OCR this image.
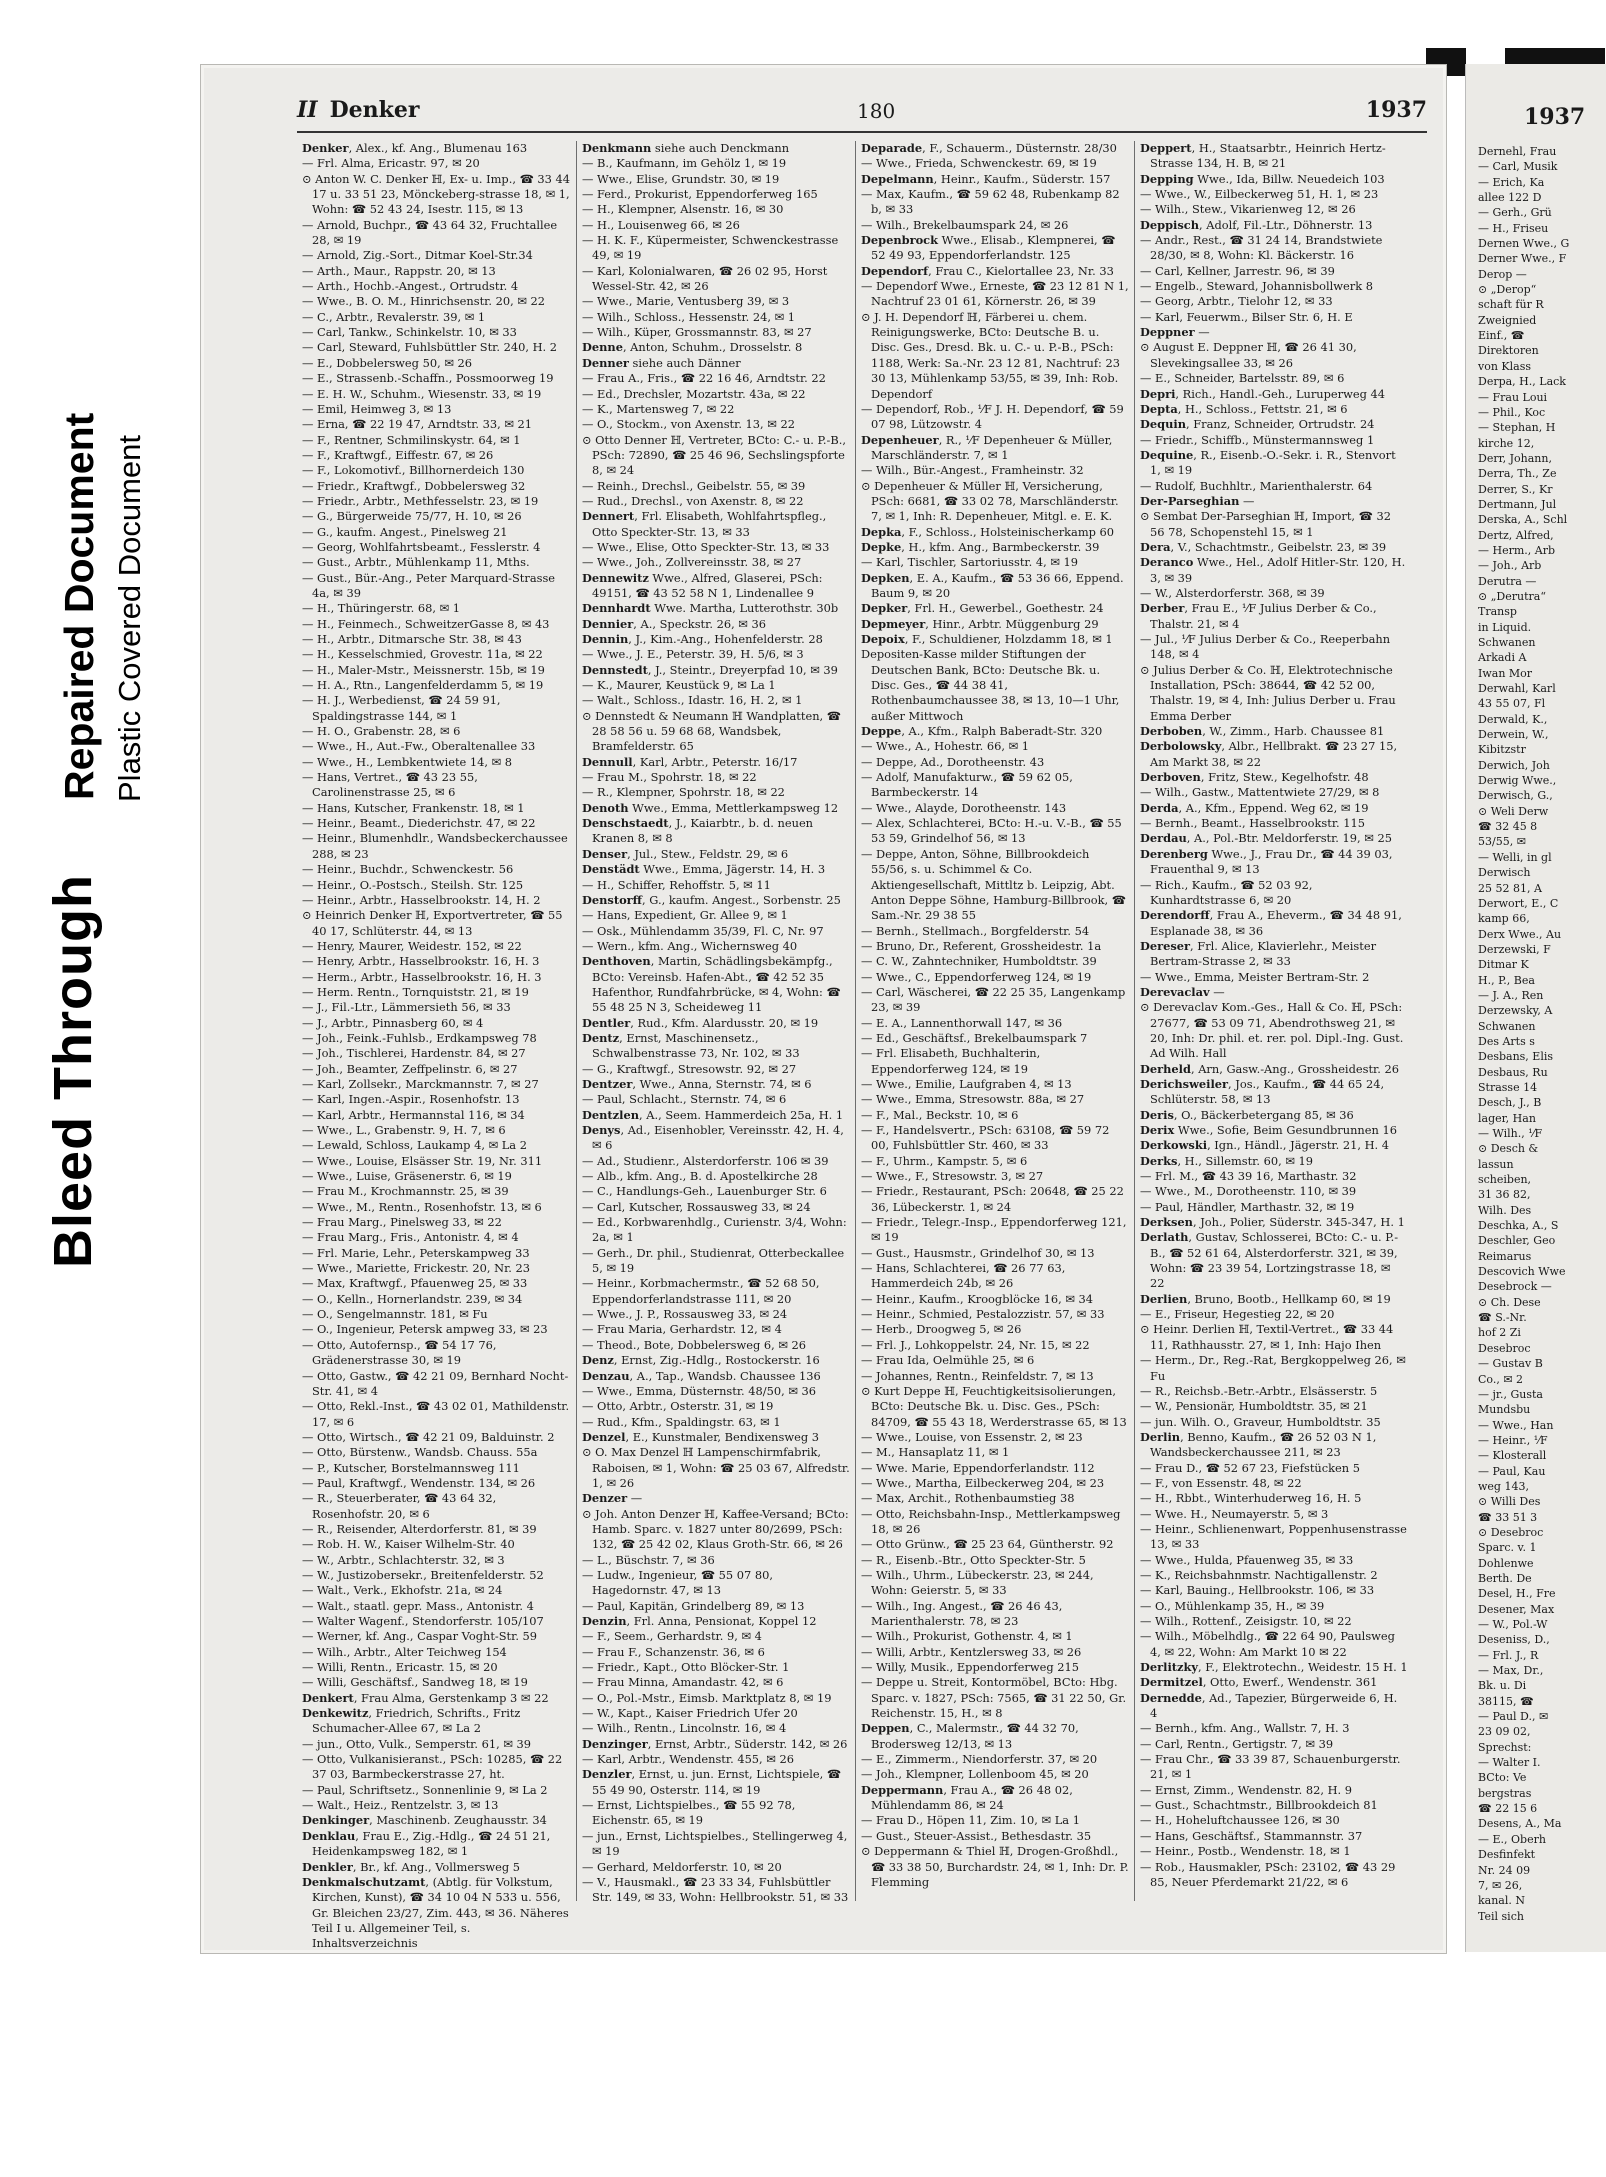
Bleed Through
Repaired Document Plastic Covered Document
II Denker	180	1937

Denker, Alex., kf. Ang., Blumenau 163

— Frl. Alma, Ericastr. 97, ✉ 20

⊙ Anton W. C. Denker ℍ, Ex- u. Imp., ☎ 33 44 17 u. 33 51 23, Mönckeberg-strasse 18, ✉ 1, Wohn: ☎ 52 43 24, Isestr. 115, ✉ 13

— Arnold, Buchpr., ☎ 43 64 32, Fruchtallee 28, ✉ 19

— Arnold, Zig.-Sort., Ditmar Koel-Str.34

— Arth., Maur., Rappstr. 20, ✉ 13

— Arth., Hochb.-Angest., Ortrudstr. 4

— Wwe., B. O. M., Hinrichsenstr. 20, ✉ 22

— C., Arbtr., Revalerstr. 39, ✉ 1

— Carl, Tankw., Schinkelstr. 10, ✉ 33

— Carl, Steward, Fuhlsbüttler Str. 240, H. 2

— E., Dobbelersweg 50, ✉ 26

— E., Strassenb.-Schaffn., Possmoorweg 19

— E. H. W., Schuhm., Wiesenstr. 33, ✉ 19

— Emil, Heimweg 3, ✉ 13

— Erna, ☎ 22 19 47, Arndtstr. 33, ✉ 21

— F., Rentner, Schmilinskystr. 64, ✉ 1

— F., Kraftwgf., Eiffestr. 67, ✉ 26

— F., Lokomotivf., Billhornerdeich 130

— Friedr., Kraftwgf., Dobbelersweg 32

— Friedr., Arbtr., Methfesselstr. 23, ✉ 19

— G., Bürgerweide 75/77, H. 10, ✉ 26

— G., kaufm. Angest., Pinelsweg 21

— Georg, Wohlfahrtsbeamt., Fesslerstr. 4

— Gust., Arbtr., Mühlenkamp 11, Mths.

— Gust., Bür.-Ang., Peter Marquard-Strasse 4a, ✉ 39

— H., Thüringerstr. 68, ✉ 1

— H., Feinmech., SchweitzerGasse 8, ✉ 43

— H., Arbtr., Ditmarsche Str. 38, ✉ 43

— H., Kesselschmied, Grovestr. 11a, ✉ 22

— H., Maler-Mstr., Meissnerstr. 15b, ✉ 19

— H. A., Rtn., Langenfelderdamm 5, ✉ 19

— H. J., Werbedienst, ☎ 24 59 91, Spaldingstrasse 144, ✉ 1

— H. O., Grabenstr. 28, ✉ 6

— Wwe., H., Aut.-Fw., Oberaltenallee 33

— Wwe., H., Lembkentwiete 14, ✉ 8

— Hans, Vertret., ☎ 43 23 55, Carolinenstrasse 25, ✉ 6

— Hans, Kutscher, Frankenstr. 18, ✉ 1

— Heinr., Beamt., Diederichstr. 47, ✉ 22

— Heinr., Blumenhdlr., Wandsbeckerchaussee 288, ✉ 23

— Heinr., Buchdr., Schwenckestr. 56

— Heinr., O.-Postsch., Steilsh. Str. 125

— Heinr., Arbtr., Hasselbrookstr. 14, H. 2

⊙ Heinrich Denker ℍ, Exportvertreter, ☎ 55 40 17, Schlüterstr. 44, ✉ 13

— Henry, Maurer, Weidestr. 152, ✉ 22

— Henry, Arbtr., Hasselbrookstr. 16, H. 3

— Herm., Arbtr., Hasselbrookstr. 16, H. 3

— Herm. Rentn., Tornquiststr. 21, ✉ 19

— J., Fil.-Ltr., Lämmersieth 56, ✉ 33

— J., Arbtr., Pinnasberg 60, ✉ 4

— Joh., Feink.-Fuhlsb., Erdkampsweg 78

— Joh., Tischlerei, Hardenstr. 84, ✉ 27

— Joh., Beamter, Zeffpelinstr. 6, ✉ 27

— Karl, Zollsekr., Marckmannstr. 7, ✉ 27

— Karl, Ingen.-Aspir., Rosenhofstr. 13

— Karl, Arbtr., Hermannstal 116, ✉ 34

— Wwe., L., Grabenstr. 9, H. 7, ✉ 6

— Lewald, Schloss, Laukamp 4, ✉ La 2

— Wwe., Louise, Elsässer Str. 19, Nr. 311

— Wwe., Luise, Gräsenerstr. 6, ✉ 19

— Frau M., Krochmannstr. 25, ✉ 39

— Wwe., M., Rentn., Rosenhofstr. 13, ✉ 6

— Frau Marg., Pinelsweg 33, ✉ 22

— Frau Marg., Fris., Antonistr. 4, ✉ 4

— Frl. Marie, Lehr., Peterskampweg 33

— Wwe., Mariette, Frickestr. 20, Nr. 23

— Max, Kraftwgf., Pfauenweg 25, ✉ 33

— O., Kelln., Hornerlandstr. 239, ✉ 34

— O., Sengelmannstr. 181, ✉ Fu

— O., Ingenieur, Petersk ampweg 33, ✉ 23

— Otto, Autofernsp., ☎ 54 17 76, Grädenerstrasse 30, ✉ 19

— Otto, Gastw., ☎ 42 21 09, Bernhard Nocht-Str. 41, ✉ 4

— Otto, Rekl.-Inst., ☎ 43 02 01, Mathildenstr. 17, ✉ 6

— Otto, Wirtsch., ☎ 42 21 09, Balduinstr. 2

— Otto, Bürstenw., Wandsb. Chauss. 55a

— P., Kutscher, Borstelmannsweg 111

— Paul, Kraftwgf., Wendenstr. 134, ✉ 26

— R., Steuerberater, ☎ 43 64 32, Rosenhofstr. 20, ✉ 6

— R., Reisender, Alterdorferstr. 81, ✉ 39

— Rob. H. W., Kaiser Wilhelm-Str. 40

— W., Arbtr., Schlachterstr. 32, ✉ 3

— W., Justizobersekr., Breitenfelderstr. 52

— Walt., Verk., Ekhofstr. 21a, ✉ 24

— Walt., staatl. gepr. Mass., Antonistr. 4

— Walter Wagenf., Stendorferstr. 105/107

— Werner, kf. Ang., Caspar Voght-Str. 59

— Wilh., Arbtr., Alter Teichweg 154

— Willi, Rentn., Ericastr. 15, ✉ 20

— Willi, Geschäftsf., Sandweg 18, ✉ 19

Denkert, Frau Alma, Gerstenkamp 3 ✉ 22

Denkewitz, Friedrich, Schrifts., Fritz Schumacher-Allee 67, ✉ La 2

— jun., Otto, Vulk., Semperstr. 61, ✉ 39

— Otto, Vulkanisieranst., PSch: 10285, ☎ 22 37 03, Barmbeckerstrasse 27, ht.

— Paul, Schriftsetz., Sonnenlinie 9, ✉ La 2

— Walt., Heiz., Rentzelstr. 3, ✉ 13

Denkinger, Maschinenb. Zeughausstr. 34

Denklau, Frau E., Zig.-Hdlg., ☎ 24 51 21, Heidenkampsweg 182, ✉ 1

Denkler, Br., kf. Ang., Vollmersweg 5

Denkmalschutzamt, (Abtlg. für Volkstum, Kirchen, Kunst), ☎ 34 10 04 N 533 u. 556, Gr. Bleichen 23/27, Zim. 443, ✉ 36. Näheres Teil I u. Allgemeiner Teil, s. Inhaltsverzeichnis

Denkmann siehe auch Denckmann

— B., Kaufmann, im Gehölz 1, ✉ 19

— Wwe., Elise, Grundstr. 30, ✉ 19

— Ferd., Prokurist, Eppendorferweg 165

— H., Klempner, Alsenstr. 16, ✉ 30

— H., Louisenweg 66, ✉ 26

— H. K. F., Küpermeister, Schwenckestrasse 49, ✉ 19

— Karl, Kolonialwaren, ☎ 26 02 95, Horst Wessel-Str. 42, ✉ 26

— Wwe., Marie, Ventusberg 39, ✉ 3

— Wilh., Schloss., Hessenstr. 24, ✉ 1

— Wilh., Küper, Grossmannstr. 83, ✉ 27

Denne, Anton, Schuhm., Drosselstr. 8

Denner siehe auch Dänner

— Frau A., Fris., ☎ 22 16 46, Arndtstr. 22

— Ed., Drechsler, Mozartstr. 43a, ✉ 22

— K., Martensweg 7, ✉ 22

— O., Stockm., von Axenstr. 13, ✉ 22

⊙ Otto Denner ℍ, Vertreter, BCto: C.- u. P.-B., PSch: 72890, ☎ 25 46 96, Sechslingspforte 8, ✉ 24

— Reinh., Drechsl., Geibelstr. 55, ✉ 39

— Rud., Drechsl., von Axenstr. 8, ✉ 22

Dennert, Frl. Elisabeth, Wohlfahrtspfleg., Otto Speckter-Str. 13, ✉ 33

— Wwe., Elise, Otto Speckter-Str. 13, ✉ 33

— Wwe., Joh., Zollvereinsstr. 38, ✉ 27

Dennewitz Wwe., Alfred, Glaserei, PSch: 49151, ☎ 43 52 58 N 1, Lindenallee 9

Dennhardt Wwe. Martha, Lutterothstr. 30b

Dennier, A., Speckstr. 26, ✉ 36

Dennin, J., Kim.-Ang., Hohenfelderstr. 28

— Wwe., J. E., Peterstr. 39, H. 5/6, ✉ 3

Dennstedt, J., Steintr., Dreyerpfad 10, ✉ 39

— K., Maurer, Keustück 9, ✉ La 1

— Walt., Schloss., Idastr. 16, H. 2, ✉ 1

⊙ Dennstedt & Neumann ℍ Wandplatten, ☎ 28 58 56 u. 59 68 68, Wandsbek, Bramfelderstr. 65

Dennull, Karl, Arbtr., Peterstr. 16/17

— Frau M., Spohrstr. 18, ✉ 22

— R., Klempner, Spohrstr. 18, ✉ 22

Denoth Wwe., Emma, Mettlerkampsweg 12

Denschstaedt, J., Kaiarbtr., b. d. neuen Kranen 8, ✉ 8

Denser, Jul., Stew., Feldstr. 29, ✉ 6

Denstädt Wwe., Emma, Jägerstr. 14, H. 3

— H., Schiffer, Rehoffstr. 5, ✉ 11

Denstorff, G., kaufm. Angest., Sorbenstr. 25

— Hans, Expedient, Gr. Allee 9, ✉ 1

— Osk., Mühlendamm 35/39, Fl. C, Nr. 97

— Wern., kfm. Ang., Wichernsweg 40

Denthoven, Martin, Schädlingsbekämpfg., BCto: Vereinsb. Hafen-Abt., ☎ 42 52 35 Hafenthor, Rundfahrbrücke, ✉ 4, Wohn: ☎ 55 48 25 N 3, Scheideweg 11

Dentler, Rud., Kfm. Alardusstr. 20, ✉ 19

Dentz, Ernst, Maschinensetz., Schwalbenstrasse 73, Nr. 102, ✉ 33

— G., Kraftwgf., Stresowstr. 92, ✉ 27

Dentzer, Wwe., Anna, Sternstr. 74, ✉ 6

— Paul, Schlacht., Sternstr. 74, ✉ 6

Dentzlen, A., Seem. Hammerdeich 25a, H. 1

Denys, Ad., Eisenhobler, Vereinsstr. 42, H. 4, ✉ 6

— Ad., Studienr., Alsterdorferstr. 106 ✉ 39

— Alb., kfm. Ang., B. d. Apostelkirche 28

— C., Handlungs-Geh., Lauenburger Str. 6

— Carl, Kutscher, Rossausweg 33, ✉ 24

— Ed., Korbwarenhdlg., Curienstr. 3/4, Wohn: 2a, ✉ 1

— Gerh., Dr. phil., Studienrat, Otterbeckallee 5, ✉ 19

— Heinr., Korbmachermstr., ☎ 52 68 50, Eppendorferlandstrasse 111, ✉ 20

— Wwe., J. P., Rossausweg 33, ✉ 24

— Frau Maria, Gerhardstr. 12, ✉ 4

— Theod., Bote, Dobbelersweg 6, ✉ 26

Denz, Ernst, Zig.-Hdlg., Rostockerstr. 16

Denzau, A., Tap., Wandsb. Chaussee 136

— Wwe., Emma, Düsternstr. 48/50, ✉ 36

— Otto, Arbtr., Osterstr. 31, ✉ 19

— Rud., Kfm., Spaldingstr. 63, ✉ 1

Denzel, E., Kunstmaler, Bendixensweg 3

⊙ O. Max Denzel ℍ Lampenschirmfabrik, Raboisen, ✉ 1, Wohn: ☎ 25 03 67, Alfredstr. 1, ✉ 26

Denzer —

⊙ Joh. Anton Denzer ℍ, Kaffee-Versand; BCto: Hamb. Sparc. v. 1827 unter 80/2699, PSch: 132, ☎ 25 42 02, Klaus Groth-Str. 66, ✉ 26

— L., Büschstr. 7, ✉ 36

— Ludw., Ingenieur, ☎ 55 07 80, Hagedornstr. 47, ✉ 13

— Paul, Kapitän, Grindelberg 89, ✉ 13

Denzin, Frl. Anna, Pensionat, Koppel 12

— F., Seem., Gerhardstr. 9, ✉ 4

— Frau F., Schanzenstr. 36, ✉ 6

— Friedr., Kapt., Otto Blöcker-Str. 1

— Frau Minna, Amandastr. 42, ✉ 6

— O., Pol.-Mstr., Eimsb. Marktplatz 8, ✉ 19

— W., Kapt., Kaiser Friedrich Ufer 20

— Wilh., Rentn., Lincolnstr. 16, ✉ 4

Denzinger, Ernst, Arbtr., Süderstr. 142, ✉ 26

— Karl, Arbtr., Wendenstr. 455, ✉ 26

Denzler, Ernst, u. jun. Ernst, Lichtspiele, ☎ 55 49 90, Osterstr. 114, ✉ 19

— Ernst, Lichtspielbes., ☎ 55 92 78, Eichenstr. 65, ✉ 19

— jun., Ernst, Lichtspielbes., Stellingerweg 4, ✉ 19

— Gerhard, Meldorferstr. 10, ✉ 20

— V., Hausmakl., ☎ 23 33 34, Fuhlsbüttler Str. 149, ✉ 33, Wohn: Hellbrookstr. 51, ✉ 33

Deparade, F., Schauerm., Düsternstr. 28/30

— Wwe., Frieda, Schwenckestr. 69, ✉ 19

Depelmann, Heinr., Kaufm., Süderstr. 157

— Max, Kaufm., ☎ 59 62 48, Rubenkamp 82 b, ✉ 33

— Wilh., Brekelbaumspark 24, ✉ 26

Depenbrock Wwe., Elisab., Klempnerei, ☎ 52 49 93, Eppendorferlandstr. 125

Dependorf, Frau C., Kielortallee 23, Nr. 33

— Dependorf Wwe., Erneste, ☎ 23 12 81 N 1, Nachtruf 23 01 61, Körnerstr. 26, ✉ 39

⊙ J. H. Dependorf ℍ, Färberei u. chem. Reinigungswerke, BCto: Deutsche B. u. Disc. Ges., Dresd. Bk. u. C.- u. P.-B., PSch: 1188, Werk: Sa.-Nr. 23 12 81, Nachtruf: 23 30 13, Mühlenkamp 53/55, ✉ 39, Inh: Rob. Dependorf

— Dependorf, Rob., ⅟F J. H. Dependorf, ☎ 59 07 98, Lützowstr. 4

Depenheuer, R., ⅟F Depenheuer & Müller, Marschländerstr. 7, ✉ 1

— Wilh., Bür.-Angest., Framheinstr. 32

⊙ Depenheuer & Müller ℍ, Versicherung, PSch: 6681, ☎ 33 02 78, Marschländerstr. 7, ✉ 1, Inh: R. Depenheuer, Mitgl. e. E. K.

Depka, F., Schloss., Holsteinischerkamp 60

Depke, H., kfm. Ang., Barmbeckerstr. 39

— Karl, Tischler, Sartoriusstr. 4, ✉ 19

Depken, E. A., Kaufm., ☎ 53 36 66, Eppend. Baum 9, ✉ 20

Depker, Frl. H., Gewerbel., Goethestr. 24

Depmeyer, Hinr., Arbtr. Müggenburg 29

Depoix, F., Schuldiener, Holzdamm 18, ✉ 1

Depositen-Kasse milder Stiftungen der Deutschen Bank, BCto: Deutsche Bk. u. Disc. Ges., ☎ 44 38 41, Rothenbaumchaussee 38, ✉ 13, 10—1 Uhr, außer Mittwoch

Deppe, A., Kfm., Ralph Baberadt-Str. 320

— Wwe., A., Hohestr. 66, ✉ 1

— Deppe, Ad., Dorotheenstr. 43

— Adolf, Manufakturw., ☎ 59 62 05, Barmbeckerstr. 14

— Wwe., Alayde, Dorotheenstr. 143

— Alex, Schlachterei, BCto: H.-u. V.-B., ☎ 55 53 59, Grindelhof 56, ✉ 13

— Deppe, Anton, Söhne, Billbrookdeich 55/56, s. u. Schimmel & Co. Aktiengesellschaft, Mittltz b. Leipzig, Abt. Anton Deppe Söhne, Hamburg-Billbrook, ☎ Sam.-Nr. 29 38 55

— Bernh., Stellmach., Borgfelderstr. 54

— Bruno, Dr., Referent, Grossheidestr. 1a

— C. W., Zahntechniker, Humboldtstr. 39

— Wwe., C., Eppendorferweg 124, ✉ 19

— Carl, Wäscherei, ☎ 22 25 35, Langenkamp 23, ✉ 39

— E. A., Lannenthorwall 147, ✉ 36

— Ed., Geschäftsf., Brekelbaumspark 7

— Frl. Elisabeth, Buchhalterin, Eppendorferweg 124, ✉ 19

— Wwe., Emilie, Laufgraben 4, ✉ 13

— Wwe., Emma, Stresowstr. 88a, ✉ 27

— F., Mal., Beckstr. 10, ✉ 6

— F., Handelsvertr., PSch: 63108, ☎ 59 72 00, Fuhlsbüttler Str. 460, ✉ 33

— F., Uhrm., Kampstr. 5, ✉ 6

— Wwe., F., Stresowstr. 3, ✉ 27

— Friedr., Restaurant, PSch: 20648, ☎ 25 22 36, Lübeckerstr. 1, ✉ 24

— Friedr., Telegr.-Insp., Eppendorferweg 121, ✉ 19

— Gust., Hausmstr., Grindelhof 30, ✉ 13

— Hans, Schlachterei, ☎ 26 77 63, Hammerdeich 24b, ✉ 26

— Heinr., Kaufm., Kroogblöcke 16, ✉ 34

— Heinr., Schmied, Pestalozzistr. 57, ✉ 33

— Herb., Droogweg 5, ✉ 26

— Frl. J., Lohkoppelstr. 24, Nr. 15, ✉ 22

— Frau Ida, Oelmühle 25, ✉ 6

— Johannes, Rentn., Reinfeldstr. 7, ✉ 13

⊙ Kurt Deppe ℍ, Feuchtigkeitsisolierungen, BCto: Deutsche Bk. u. Disc. Ges., PSch: 84709, ☎ 55 43 18, Werderstrasse 65, ✉ 13

— Wwe., Louise, von Essenstr. 2, ✉ 23

— M., Hansaplatz 11, ✉ 1

— Wwe. Marie, Eppendorferlandstr. 112

— Wwe., Martha, Eilbeckerweg 204, ✉ 23

— Max, Archit., Rothenbaumstieg 38

— Otto, Reichsbahn-Insp., Mettlerkampsweg 18, ✉ 26

— Otto Grünw., ☎ 25 23 64, Güntherstr. 92

— R., Eisenb.-Btr., Otto Speckter-Str. 5

— Wilh., Uhrm., Lübeckerstr. 23, ✉ 244, Wohn: Geierstr. 5, ✉ 33

— Wilh., Ing. Angest., ☎ 26 46 43, Marienthalerstr. 78, ✉ 23

— Wilh., Prokurist, Gothenstr. 4, ✉ 1

— Willi, Arbtr., Kentzlersweg 33, ✉ 26

— Willy, Musik., Eppendorferweg 215

— Deppe u. Streit, Kontormöbel, BCto: Hbg. Sparc. v. 1827, PSch: 7565, ☎ 31 22 50, Gr. Reichenstr. 15, H., ✉ 8

Deppen, C., Malermstr., ☎ 44 32 70, Brodersweg 12/13, ✉ 13

— E., Zimmerm., Niendorferstr. 37, ✉ 20

— Joh., Klempner, Lollenboom 45, ✉ 20

Deppermann, Frau A., ☎ 26 48 02, Mühlendamm 86, ✉ 24

— Frau D., Höpen 11, Zim. 10, ✉ La 1

— Gust., Steuer-Assist., Bethesdastr. 35

⊙ Deppermann & Thiel ℍ, Drogen-Großhdl., ☎ 33 38 50, Burchardstr. 24, ✉ 1, Inh: Dr. P. Flemming

Deppert, H., Staatsarbtr., Heinrich Hertz-Strasse 134, H. B, ✉ 21

Depping Wwe., Ida, Billw. Neuedeich 103

— Wwe., W., Eilbeckerweg 51, H. 1, ✉ 23

— Wilh., Stew., Vikarienweg 12, ✉ 26

Deppisch, Adolf, Fil.-Ltr., Döhnerstr. 13

— Andr., Rest., ☎ 31 24 14, Brandstwiete 28/30, ✉ 8, Wohn: Kl. Bäckerstr. 16

— Carl, Kellner, Jarrestr. 96, ✉ 39

— Engelb., Steward, Johannisbollwerk 8

— Georg, Arbtr., Tielohr 12, ✉ 33

— Karl, Feuerwm., Bilser Str. 6, H. E

Deppner —

⊙ August E. Deppner ℍ, ☎ 26 41 30, Slevekingsallee 33, ✉ 26

— E., Schneider, Bartelsstr. 89, ✉ 6

Depri, Rich., Handl.-Geh., Luruperweg 44

Depta, H., Schloss., Fettstr. 21, ✉ 6

Dequin, Franz, Schneider, Ortrudstr. 24

— Friedr., Schiffb., Münstermannsweg 1

Dequine, R., Eisenb.-O.-Sekr. i. R., Stenvort 1, ✉ 19

— Rudolf, Buchhltr., Marienthalerstr. 64

Der-Parseghian —

⊙ Sembat Der-Parseghian ℍ, Import, ☎ 32 56 78, Schopenstehl 15, ✉ 1

Dera, V., Schachtmstr., Geibelstr. 23, ✉ 39

Deranco Wwe., Hel., Adolf Hitler-Str. 120, H. 3, ✉ 39

— W., Alsterdorferstr. 368, ✉ 39

Derber, Frau E., ⅟F Julius Derber & Co., Thalstr. 21, ✉ 4

— Jul., ⅟F Julius Derber & Co., Reeperbahn 148, ✉ 4

⊙ Julius Derber & Co. ℍ, Elektrotechnische Installation, PSch: 38644, ☎ 42 52 00, Thalstr. 19, ✉ 4, Inh: Julius Derber u. Frau Emma Derber

Derboben, W., Zimm., Harb. Chaussee 81

Derbolowsky, Albr., Hellbrakt. ☎ 23 27 15, Am Markt 38, ✉ 22

Derboven, Fritz, Stew., Kegelhofstr. 48

— Wilh., Gastw., Mattentwiete 27/29, ✉ 8

Derda, A., Kfm., Eppend. Weg 62, ✉ 19

— Bernh., Beamt., Hasselbrookstr. 115

Derdau, A., Pol.-Btr. Meldorferstr. 19, ✉ 25

Derenberg Wwe., J., Frau Dr., ☎ 44 39 03, Frauenthal 9, ✉ 13

— Rich., Kaufm., ☎ 52 03 92, Kunhardtstrasse 6, ✉ 20

Derendorff, Frau A., Eheverm., ☎ 34 48 91, Esplanade 38, ✉ 36

Dereser, Frl. Alice, Klavierlehr., Meister Bertram-Strasse 2, ✉ 33

— Wwe., Emma, Meister Bertram-Str. 2

Derevaclav —

⊙ Derevaclav Kom.-Ges., Hall & Co. ℍ, PSch: 27677, ☎ 53 09 71, Abendrothsweg 21, ✉ 20, Inh: Dr. phil. et. rer. pol. Dipl.-Ing. Gust. Ad Wilh. Hall

Derheld, Arn, Gasw.-Ang., Grossheidestr. 26

Derichsweiler, Jos., Kaufm., ☎ 44 65 24, Schlüterstr. 58, ✉ 13

Deris, O., Bäckerbetergang 85, ✉ 36

Derix Wwe., Sofie, Beim Gesundbrunnen 16

Derkowski, Ign., Händl., Jägerstr. 21, H. 4

Derks, H., Sillemstr. 60, ✉ 19

— Frl. M., ☎ 43 39 16, Marthastr. 32

— Wwe., M., Dorotheenstr. 110, ✉ 39

— Paul, Händler, Marthastr. 32, ✉ 19

Derksen, Joh., Polier, Süderstr. 345-347, H. 1

Derlath, Gustav, Schlosserei, BCto: C.- u. P.-B., ☎ 52 61 64, Alsterdorferstr. 321, ✉ 39, Wohn: ☎ 23 39 54, Lortzingstrasse 18, ✉ 22

Derlien, Bruno, Bootb., Hellkamp 60, ✉ 19

— E., Friseur, Hegestieg 22, ✉ 20

⊙ Heinr. Derlien ℍ, Textil-Vertret., ☎ 33 44 11, Rathhausstr. 27, ✉ 1, Inh: Hajo Ihen

— Herm., Dr., Reg.-Rat, Bergkoppelweg 26, ✉ Fu

— R., Reichsb.-Betr.-Arbtr., Elsässerstr. 5

— W., Pensionär, Humboldtstr. 35, ✉ 21

— jun. Wilh. O., Graveur, Humboldtstr. 35

Derlin, Benno, Kaufm., ☎ 26 52 03 N 1, Wandsbeckerchaussee 211, ✉ 23

— Frau D., ☎ 52 67 23, Fiefstücken 5

— F., von Essenstr. 48, ✉ 22

— H., Rbbt., Winterhuderweg 16, H. 5

— Wwe. H., Neumayerstr. 5, ✉ 3

— Heinr., Schlienenwart, Poppenhusenstrasse 13, ✉ 33

— Wwe., Hulda, Pfauenweg 35, ✉ 33

— K., Reichsbahnmstr. Nachtigallenstr. 2

— Karl, Bauing., Hellbrookstr. 106, ✉ 33

— O., Mühlenkamp 35, H., ✉ 39

— Wilh., Rottenf., Zeisigstr. 10, ✉ 22

— Wilh., Möbelhdlg., ☎ 22 64 90, Paulsweg 4, ✉ 22, Wohn: Am Markt 10 ✉ 22

Derlitzky, F., Elektrotechn., Weidestr. 15 H. 1

Dermitzel, Otto, Ewerf., Wendenstr. 361

Dernedde, Ad., Tapezier, Bürgerweide 6, H. 4

— Bernh., kfm. Ang., Wallstr. 7, H. 3

— Carl, Rentn., Gertigstr. 7, ✉ 39

— Frau Chr., ☎ 33 39 87, Schauenburgerstr. 21, ✉ 1

— Ernst, Zimm., Wendenstr. 82, H. 9

— Gust., Schachtmstr., Billbrookdeich 81

— H., Hoheluftchaussee 126, ✉ 30

— Hans, Geschäftsf., Stammannstr. 37

— Heinr., Postb., Wendenstr. 18, ✉ 1

— Rob., Hausmakler, PSch: 23102, ☎ 43 29 85, Neuer Pferdemarkt 21/22, ✉ 6

1937
Dernehl, Frau
— Carl, Musik
— Erich, Ka
allee 122 D
— Gerh., Grü
— H., Friseu
Dernen Wwe., G
Derner Wwe., F
Derop —
⊙ „Derop“
schaft für R
Zweignied
Einf., ☎
Direktoren
von Klass
Derpa, H., Lack
— Frau Loui
— Phil., Koc
— Stephan, H
kirche 12,
Derr, Johann,
Derra, Th., Ze
Derrer, S., Kr
Dertmann, Jul
Derska, A., Schl
Dertz, Alfred,
— Herm., Arb
— Joh., Arb
Derutra —
⊙ „Derutra“
Transp
in Liquid.
Schwanen
Arkadi A
Iwan Mor
Derwahl, Karl
43 55 07, Fl
Derwald, K.,
Derwein, W.,
Kibitzstr
Derwich, Joh
Derwig Wwe.,
Derwisch, G.,
⊙ Weli Derw
☎ 32 45 8
53/55, ✉
— Welli, in gl
Derwisch
25 52 81, A
Derwort, E., C
kamp 66,
Derx Wwe., Au
Derzewski, F
Ditmar K
H., P., Bea
— J. A., Ren
Derzewsky, A
Schwanen
Des Arts s
Desbans, Elis
Desbaus, Ru
Strasse 14
Desch, J., B
lager, Han
— Wilh., ⅟F
⊙ Desch &
lassun
scheiben,
31 36 82,
Wilh. Des
Deschka, A., S
Deschler, Geo
Reimarus
Descovich Wwe
Desebrock —
⊙ Ch. Dese
☎ S.-Nr.
hof 2 Zi
Desebroc
— Gustav B
Co., ✉ 2
— jr., Gusta
Mundsbu
— Wwe., Han
— Heinr., ⅟F
— Klosterall
— Paul, Kau
weg 143,
⊙ Willi Des
☎ 33 51 3
⊙ Desebroc
Sparc. v. 1
Dohlenwe
Berth. De
Desel, H., Fre
Desener, Max
— W., Pol.-W
Deseniss, D.,
— Frl. J., R
— Max, Dr.,
Bk. u. Di
38115, ☎
— Paul D., ✉
23 09 02,
Sprechst:
— Walter I.
BCto: Ve
bergstras
☎ 22 15 6
Desens, A., Ma
— E., Oberh
Desfinfekt
Nr. 24 09
7, ✉ 26,
kanal. N
Teil sich
